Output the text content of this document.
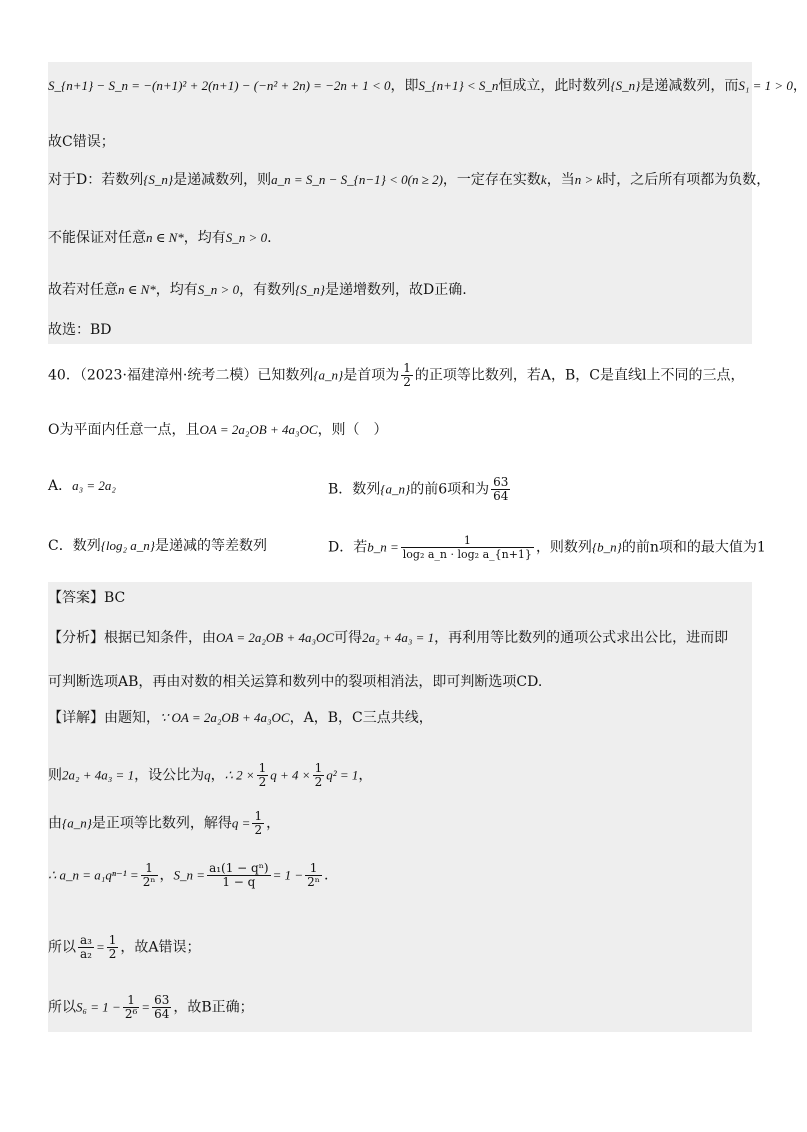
S_{n+1} − S_n = −(n+1)² + 2(n+1) − (−n² + 2n) = −2n + 1 < 0，即S_{n+1} < S_n恒成立，此时数列{S_n}是递减数列，而S₁ = 1 > 0，
故C错误；
对于D：若数列{S_n}是递减数列，则a_n = S_n − S_{n−1} < 0(n ≥ 2)，一定存在实数k，当n > k时，之后所有项都为负数，
不能保证对任意n ∈ N*，均有S_n > 0.
故若对任意n ∈ N*，均有S_n > 0，有数列{S_n}是递增数列，故D正确.
故选：BD
40．（2023·福建漳州·统考二模）已知数列{a_n}是首项为 $\frac{1}{2}$ 的正项等比数列，若A，B，C是直线l上不同的三点，
O为平面内任意一点，且OA = 2a₂OB + 4a₃OC，则（　）
A．a₃ = 2a₂	B．数列{a_n}的前6项和为 $\frac{63}{64}$
C．数列{log₂ a_n}是递减的等差数列	D．若b_n = $\frac{1}{\text{log₂ a\_n · log₂ a\_\{n+1\}}}$ ，则数列{b_n}的前n项和的最大值为1
【答案】BC
【分析】根据已知条件，由OA = 2a₂OB + 4a₃OC可得2a₂ + 4a₃ = 1，再利用等比数列的通项公式求出公比，进而即
可判断选项AB，再由对数的相关运算和数列中的裂项相消法，即可判断选项CD.
【详解】由题知，∵ OA = 2a₂OB + 4a₃OC，A，B，C三点共线，
则2a₂ + 4a₃ = 1，设公比为q，∴ $2 \times \frac{1}{2}$ $q + 4 \times \frac{1}{2} q^2 = 1$，
由{a_n}是正项等比数列，解得$q = \frac{1}{2}$ ，
∴ a_n = $a_1q^{n-1} = \frac{1}{\text{2ⁿ}}$ ，S_n = $\frac{\text{a₁(1 − qⁿ)}}{1 - q} = 1 - \frac{1}{\text{2ⁿ}}$ .
所以 $\frac{\text{a₃}}{\text{a₂}} = \frac{1}{2}$ ，故A错误；
所以$S_6 = 1 - \frac{1}{\text{2⁶}} = \frac{63}{64}$ ，故B正确；
